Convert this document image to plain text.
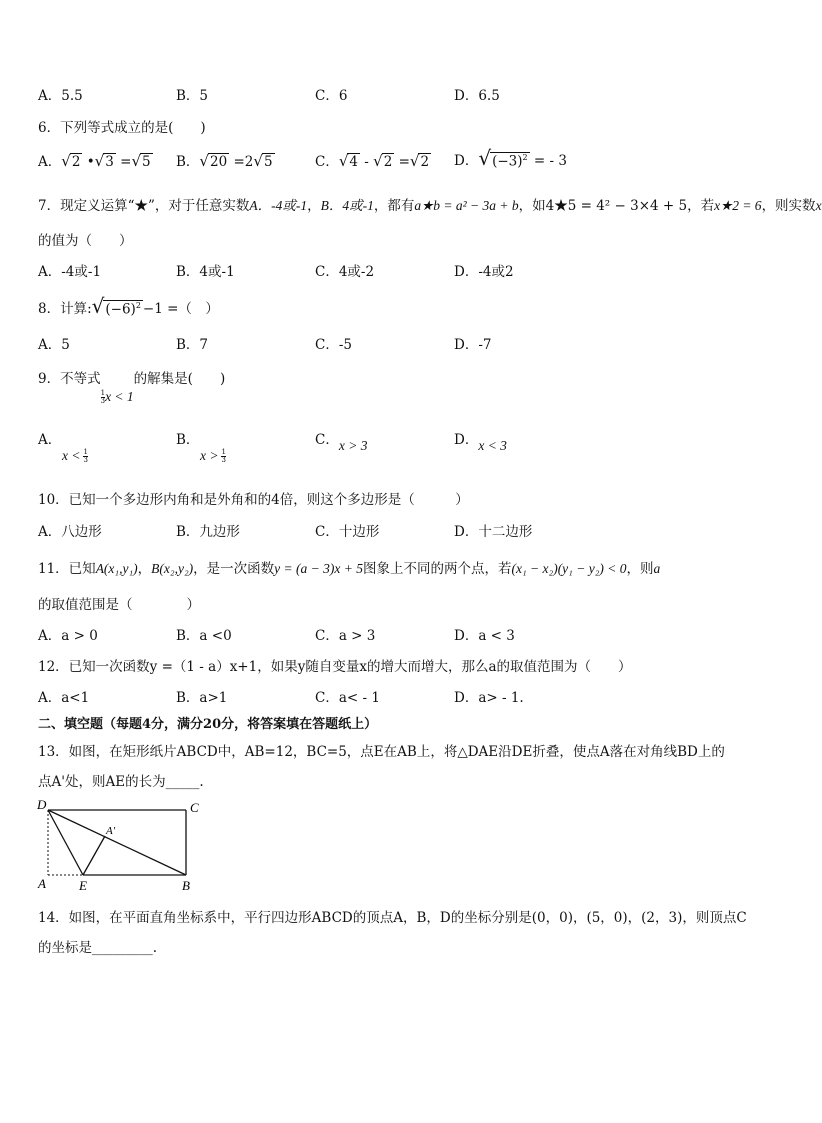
A．5.5	B．5	C．6	D．6.5
6．下列等式成立的是(　　)
A．√2 •√3 =√5 B．√20 =2√5	C．√4 - √2 =√2 D．$√(-3)^2$ = - 3
7．现定义运算“★”，对于任意实数A．-4或-1，B．4或-1，都有a★b = a² − 3a + b，如4★5 = 4² − 3×4 + 5，若x★2 = 6，则实数x
的值为（　　）
A．-4或-1	B．4或-1	C．4或-2	D．-4或2
8．计算$:√(-6)^2 -1$ =（　）
A．5	B．7	C．-5	D．-7
9．不等式
$\frac{1}{3}$ x < 1的解集是(　　)
A．
$x < \frac{1}{3}$
B．
$x > \frac{1}{3}$
C．x > 3	D．x < 3
10．已知一个多边形内角和是外角和的4倍，则这个多边形是（　　　）
A．八边形	B．九边形	C．十边形	D．十二边形
11．已知A(x₁,y₁)，B(x₂,y₂)，是一次函数y = (a − 3)x + 5图象上不同的两个点，若(x₁ − x₂)(y₁ − y₂) < 0，则a
的取值范围是（　　　　）
A．a > 0	B．a <0	C．a > 3	D．a < 3
12．已知一次函数y =（1 - a）x+1，如果y随自变量x的增大而增大，那么a的取值范围为（　　）
A．a<1	B．a>1	C．a< - 1	D．a> - 1.
二、填空题（每题4分，满分20分，将答案填在答题纸上）
13．如图，在矩形纸片ABCD中，AB=12，BC=5，点E在AB上，将△DAE沿DE折叠，使点A落在对角线BD上的
点A'处，则AE的长为_____.
D	C
A	E	B
A'
14．如图，在平面直角坐标系中，平行四边形ABCD的顶点A，B，D的坐标分别是(0，0)，(5，0)，(2，3)，则顶点C
的坐标是_________.
